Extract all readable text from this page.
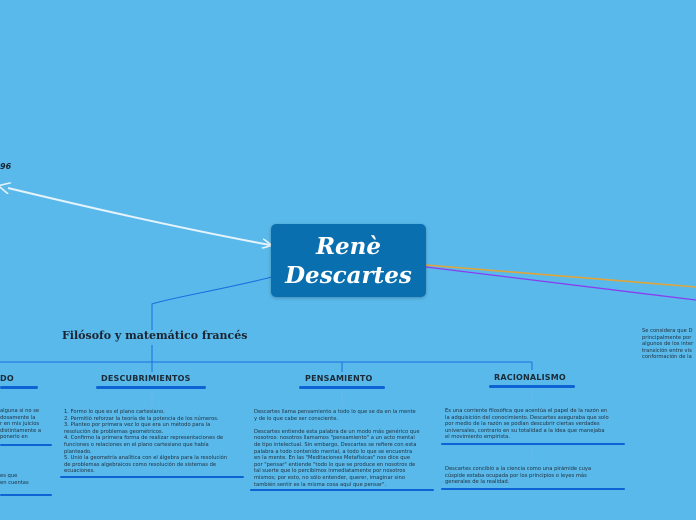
Renè
Descartes
96
Filósofo y matemático francés
DO	DESCUBRIMIENTOS	PENSAMIENTO	RACIONALISMO
alguna si no se
dosamente la
r en mis juicios
distintamente a
ponerlo en
es que
en cuentas
1. Formo lo que es el plano cartesiano.
2. Permitió reforzar la teoría de la potencia de los números.
3. Planteo por primera vez lo que era un método para la
resolución de problemas geométricos.
4. Confirmo la primera forma de realizar representaciones de
funciones o relaciones en el plano cartesiano que había
planteado.
5. Unió la geometría analítica con el álgebra para la resolución
de problemas algebraicos como resolución de sistemas de
ecuaciones.
Descartes llama pensamiento a todo lo que se da en la mente
y de lo que cabe ser consciente.

Descartes entiende esta palabra de un modo más genérico que
nosotros: nosotros llamamos "pensamiento" a un acto mental
de tipo intelectual. Sin embargo, Descartes se refiere con esta
palabra a todo contenido mental, a todo lo que se encuentra
en la mente. En las "Meditaciones Metafísicas" nos dice que
por "pensar" entiende "todo lo que se produce en nosotros de
tal suerte que lo percibimos inmediatamente por nosotros
mismos; por esto, no sólo entender, querer, imaginar sino
también sentir es la misma cosa aquí que pensar".
Es una corriente filosófica que acentúa el papel de la razón en
la adquisición del conocimiento. Descartes aseguraba que solo
por medio de la razón se podían descubrir ciertas verdades
universales, contrario en su totalidad a la idea que manejaba
el movimiento empirista.
Descartes concibió a la ciencia como una pirámide cuya
cúspide estaba ocupada por los principios o leyes más
generales de la realidad.
Se considera que D
principalmente por
algunos de los inter
transición entre vis
conformación de la
